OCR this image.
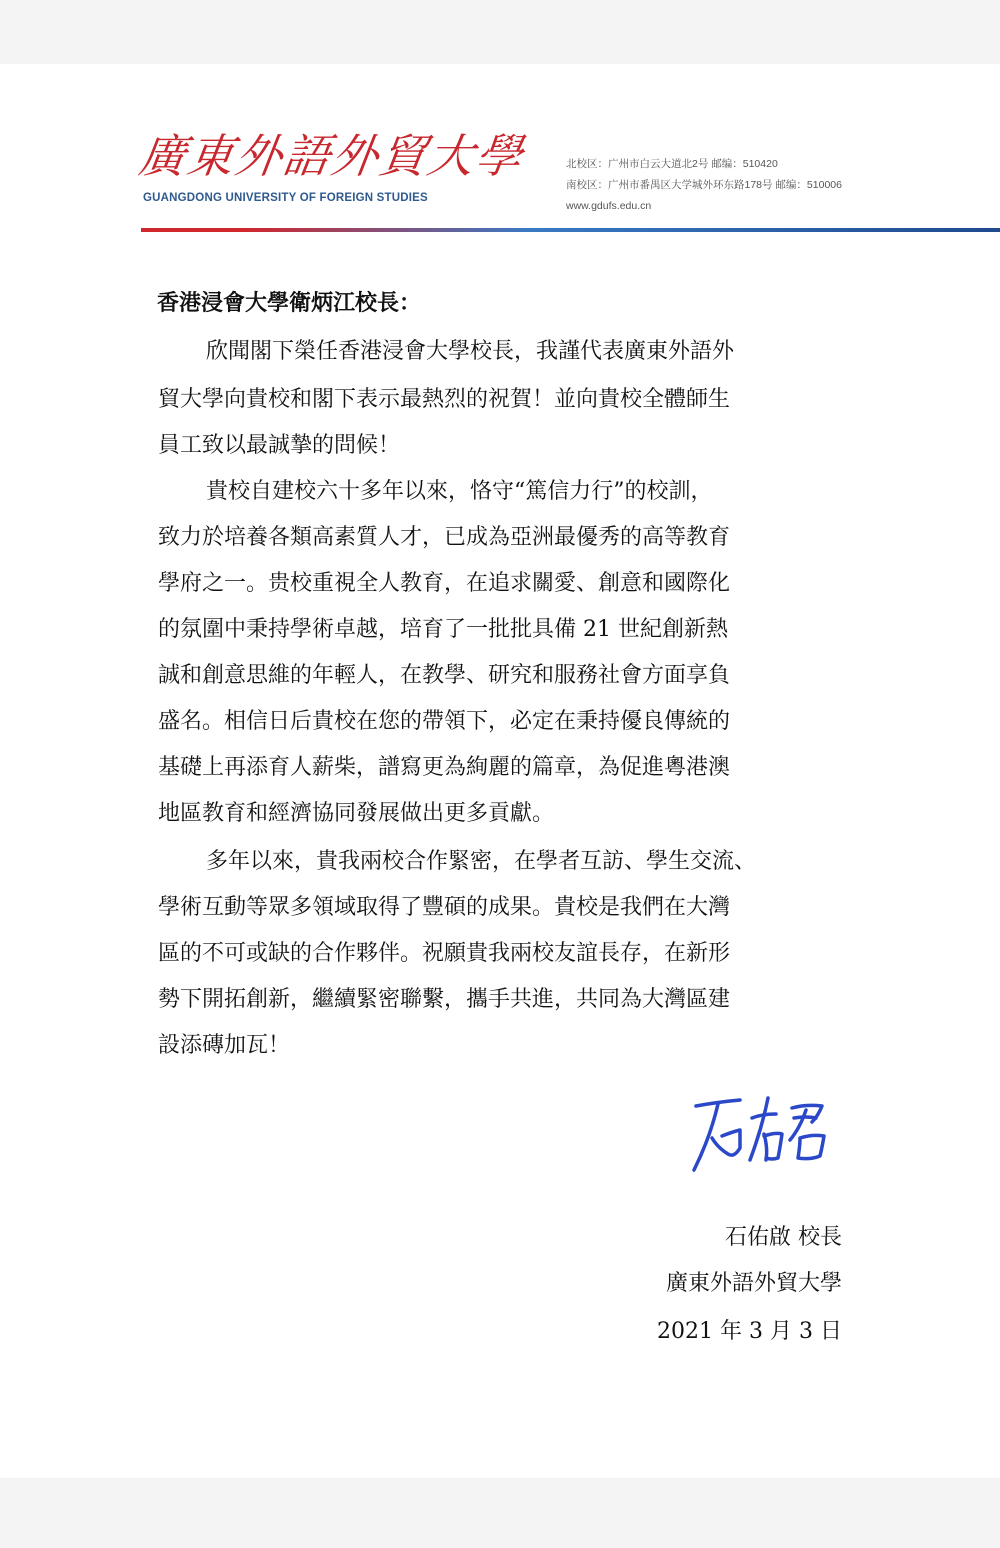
廣東外語外貿大學
GUANGDONG UNIVERSITY OF FOREIGN STUDIES
北校区：广州市白云大道北2号 邮编：510420
南校区：广州市番禺区大学城外环东路178号 邮编：510006
www.gdufs.edu.cn
香港浸會大學衛炳江校長：
欣聞閣下榮任香港浸會大學校長，我謹代表廣東外語外
貿大學向貴校和閣下表示最熱烈的祝賀！並向貴校全體師生
員工致以最誠摯的問候！
貴校自建校六十多年以來，恪守“篤信力行”的校訓，
致力於培養各類高素質人才，已成為亞洲最優秀的高等教育
學府之一。贵校重視全人教育，在追求關愛、創意和國際化
的氛圍中秉持學術卓越，培育了一批批具備 21 世紀創新熱
誠和創意思維的年輕人，在教學、研究和服務社會方面享負
盛名。相信日后貴校在您的帶領下，必定在秉持優良傳統的
基礎上再添育人薪柴，譜寫更為絢麗的篇章，為促進粵港澳
地區教育和經濟協同發展做出更多貢獻。
多年以來，貴我兩校合作緊密，在學者互訪、學生交流、
學術互動等眾多領域取得了豐碩的成果。貴校是我們在大灣
區的不可或缺的合作夥伴。祝願貴我兩校友誼長存，在新形
勢下開拓創新，繼續緊密聯繫，攜手共進，共同為大灣區建
設添磚加瓦！
石佑啟 校長
廣東外語外貿大學
2021 年 3 月 3 日
